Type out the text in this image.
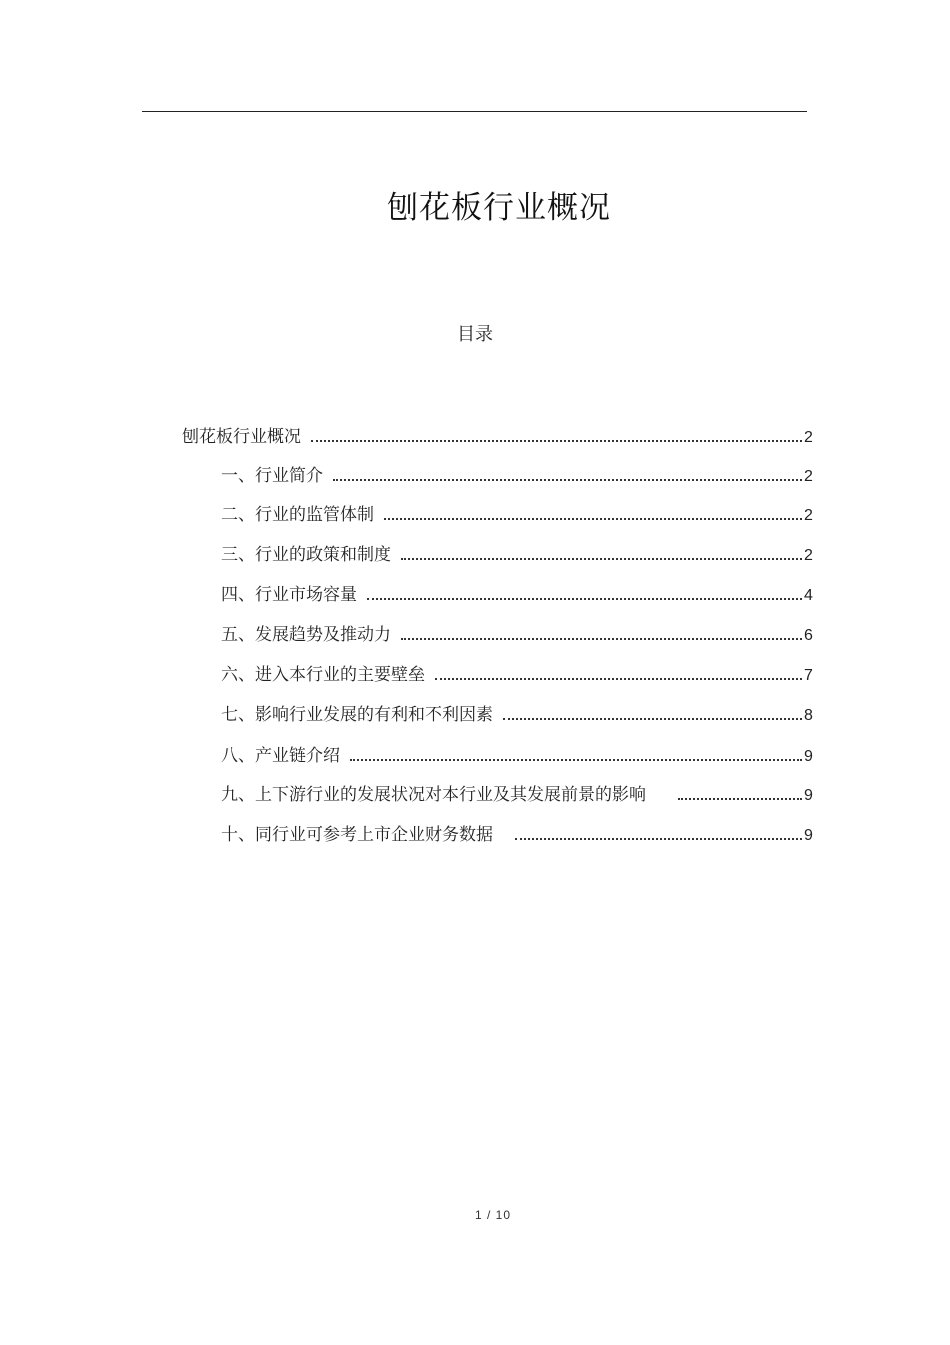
刨花板行业概况
目录
刨花板行业概况	2
一、行业简介	2
二、行业的监管体制	2
三、行业的政策和制度	2
四、行业市场容量	4
五、发展趋势及推动力	6
六、进入本行业的主要壁垒	7
七、影响行业发展的有利和不利因素	8
八、产业链介绍	9
九、上下游行业的发展状况对本行业及其发展前景的影响	9
十、同行业可参考上市企业财务数据	9
1 / 10
